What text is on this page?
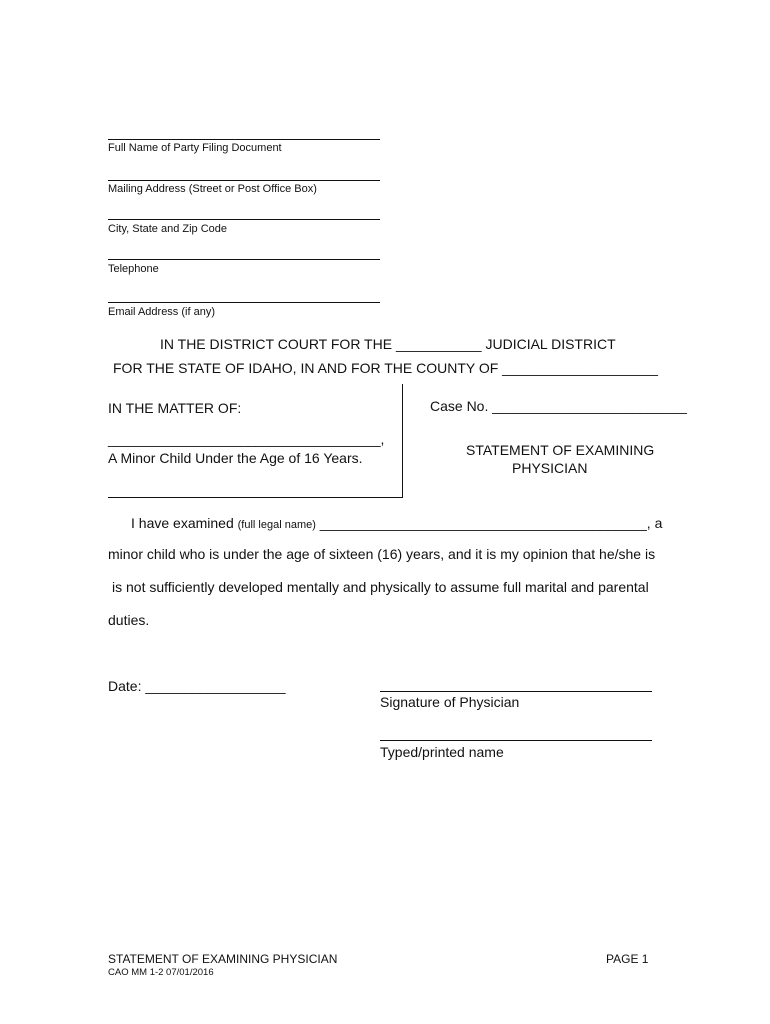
Full Name of Party Filing Document
Mailing Address (Street or Post Office Box)
City, State and Zip Code
Telephone
Email Address (if any)
IN THE DISTRICT COURT FOR THE ___________ JUDICIAL DISTRICT
FOR THE STATE OF IDAHO, IN AND FOR THE COUNTY OF ____________________
IN THE MATTER OF:
___________________________________,
A Minor Child Under the Age of 16 Years.
Case No. _________________________
STATEMENT OF EXAMINING
PHYSICIAN
I have examined (full legal name) __________________________________________, a
minor child who is under the age of sixteen (16) years, and it is my opinion that he/she is
is not sufficiently developed mentally and physically to assume full marital and parental
duties.
Date: __________________
Signature of Physician
Typed/printed name
STATEMENT OF EXAMINING PHYSICIAN	PAGE 1
CAO MM 1-2 07/01/2016
